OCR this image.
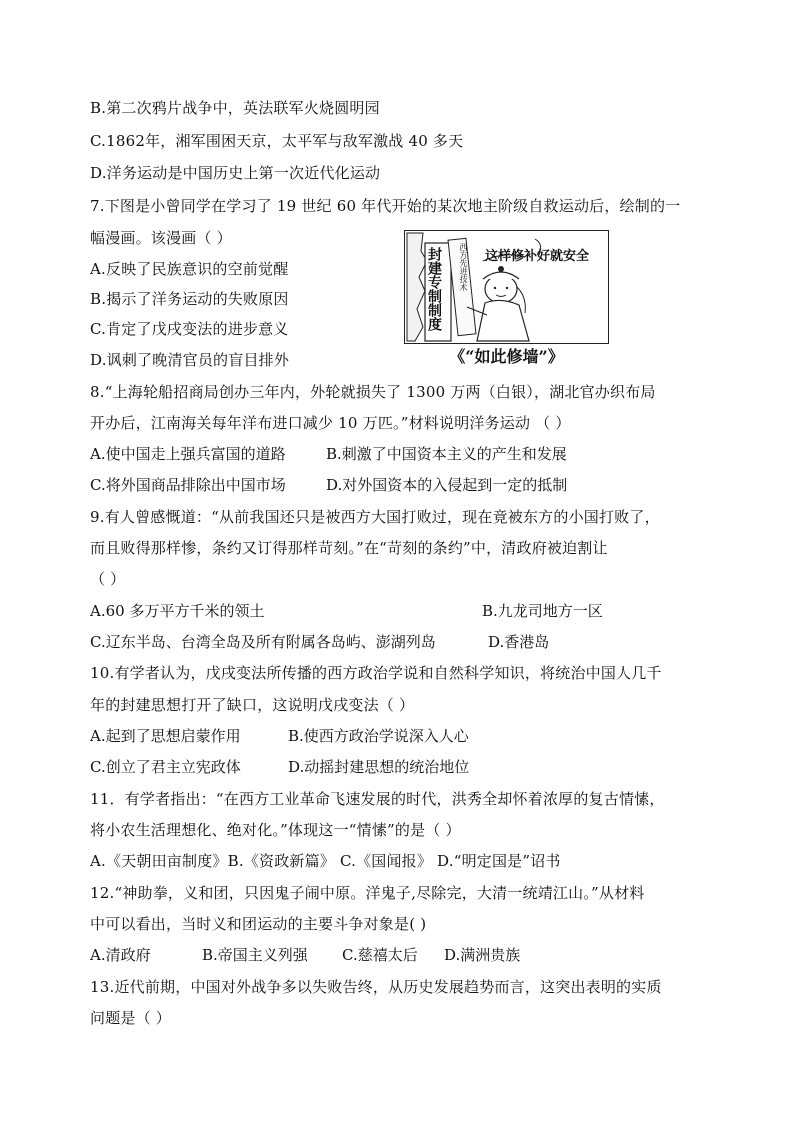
B.第二次鸦片战争中，英法联军火烧圆明园
C.1862年，湘军围困天京，太平军与敌军激战 40 多天
D.洋务运动是中国历史上第一次近代化运动
7.下图是小曾同学在学习了 19 世纪 60 年代开始的某次地主阶级自救运动后，绘制的一
幅漫画。该漫画（ ）
A.反映了民族意识的空前觉醒
B.揭示了洋务运动的失败原因
C.肯定了戊戌变法的进步意义
D.讽刺了晚清官员的盲目排外
封建专制制度 西方先进技术 这样修补好就安全
《“如此修墙”》
8.“上海轮船招商局创办三年内，外轮就损失了 1300 万两（白银），湖北官办织布局
开办后，江南海关每年洋布进口减少 10 万匹。”材料说明洋务运动 （ ）
A.使中国走上强兵富国的道路	B.刺激了中国资本主义的产生和发展
C.将外国商品排除出中国市场	D.对外国资本的入侵起到一定的抵制
9.有人曾感慨道：“从前我国还只是被西方大国打败过，现在竟被东方的小国打败了，
而且败得那样惨，条约又订得那样苛刻。”在“苛刻的条约”中，清政府被迫割让
（ ）
A.60 多万平方千米的领土	B.九龙司地方一区
C.辽东半岛、台湾全岛及所有附属各岛屿、澎湖列岛	D.香港岛
10.有学者认为，戊戌变法所传播的西方政治学说和自然科学知识，将统治中国人几千
年的封建思想打开了缺口，这说明戊戌变法（ ）
A.起到了思想启蒙作用	B.使西方政治学说深入人心
C.创立了君主立宪政体	D.动摇封建思想的统治地位
11．有学者指出：“在西方工业革命飞速发展的时代，洪秀全却怀着浓厚的复古情愫，
将小农生活理想化、绝对化。”体现这一“情愫”的是（ ）
A.《天朝田亩制度》B.《资政新篇》 C.《国闻报》 D.“明定国是”诏书
12.“神助拳，义和团，只因鬼子闹中原。洋鬼子,尽除完，大清一统靖江山。”从材料
中可以看出，当时义和团运动的主要斗争对象是( )
A.清政府	B.帝国主义列强 C.慈禧太后 D.满洲贵族
13.近代前期，中国对外战争多以失败告终，从历史发展趋势而言，这突出表明的实质
问题是（ ）
